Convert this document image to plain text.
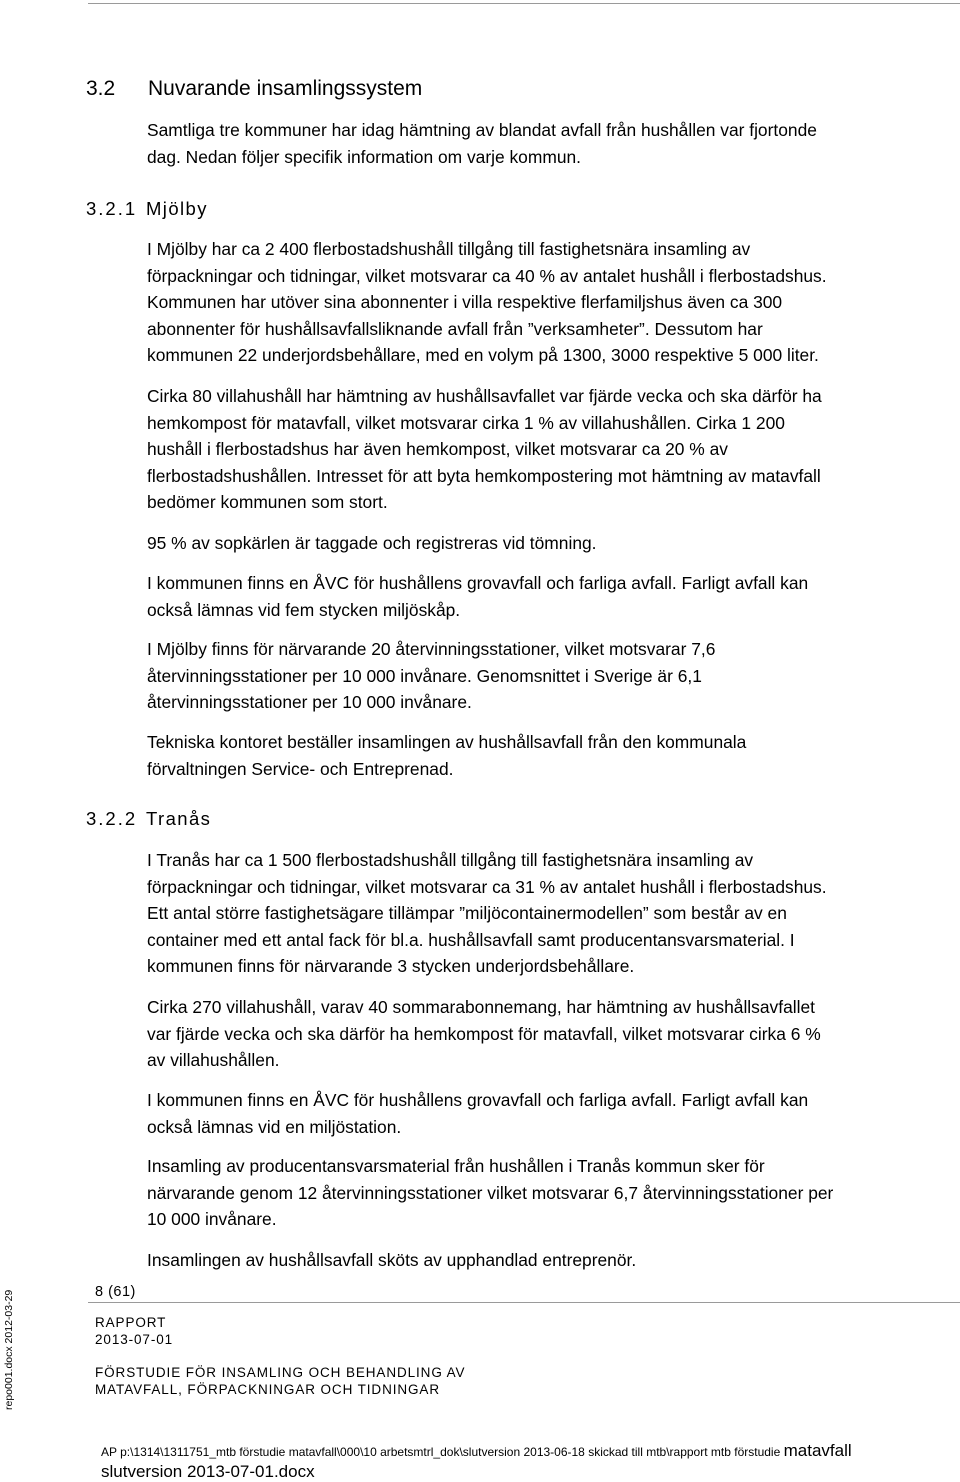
3.2 Nuvarande insamlingssystem
Samtliga tre kommuner har idag hämtning av blandat avfall från hushållen var fjortonde
dag. Nedan följer specifik information om varje kommun.
3.2.1 Mjölby
I Mjölby har ca 2 400 flerbostadshushåll tillgång till fastighetsnära insamling av
förpackningar och tidningar, vilket motsvarar ca 40 % av antalet hushåll i flerbostadshus.
Kommunen har utöver sina abonnenter i villa respektive flerfamiljshus även ca 300
abonnenter för hushållsavfallsliknande avfall från ”verksamheter”. Dessutom har
kommunen 22 underjordsbehållare, med en volym på 1300, 3000 respektive 5 000 liter.
Cirka 80 villahushåll har hämtning av hushållsavfallet var fjärde vecka och ska därför ha
hemkompost för matavfall, vilket motsvarar cirka 1 % av villahushållen. Cirka 1 200
hushåll i flerbostadshus har även hemkompost, vilket motsvarar ca 20 % av
flerbostadshushållen. Intresset för att byta hemkompostering mot hämtning av matavfall
bedömer kommunen som stort.
95 % av sopkärlen är taggade och registreras vid tömning.
I kommunen finns en ÅVC för hushållens grovavfall och farliga avfall. Farligt avfall kan
också lämnas vid fem stycken miljöskåp.
I Mjölby finns för närvarande 20 återvinningsstationer, vilket motsvarar 7,6
återvinningsstationer per 10 000 invånare. Genomsnittet i Sverige är 6,1
återvinningsstationer per 10 000 invånare.
Tekniska kontoret beställer insamlingen av hushållsavfall från den kommunala
förvaltningen Service- och Entreprenad.
3.2.2 Tranås
I Tranås har ca 1 500 flerbostadshushåll tillgång till fastighetsnära insamling av
förpackningar och tidningar, vilket motsvarar ca 31 % av antalet hushåll i flerbostadshus.
Ett antal större fastighetsägare tillämpar ”miljöcontainermodellen” som består av en
container med ett antal fack för bl.a. hushållsavfall samt producentansvarsmaterial. I
kommunen finns för närvarande 3 stycken underjordsbehållare.
Cirka 270 villahushåll, varav 40 sommarabonnemang, har hämtning av hushållsavfallet
var fjärde vecka och ska därför ha hemkompost för matavfall, vilket motsvarar cirka 6 %
av villahushållen.
I kommunen finns en ÅVC för hushållens grovavfall och farliga avfall. Farligt avfall kan
också lämnas vid en miljöstation.
Insamling av producentansvarsmaterial från hushållen i Tranås kommun sker för
närvarande genom 12 återvinningsstationer vilket motsvarar 6,7 återvinningsstationer per
10 000 invånare.
Insamlingen av hushållsavfall sköts av upphandlad entreprenör.
8 (61)
RAPPORT
2013-07-01
FÖRSTUDIE FÖR INSAMLING OCH BEHANDLING AV
MATAVFALL, FÖRPACKNINGAR OCH TIDNINGAR
repo001.docx 2012-03-29
AP p:\1314\1311751_mtb förstudie matavfall\000\10 arbetsmtrl_dok\slutversion 2013-06-18 skickad till mtb\rapport mtb förstudie matavfall
slutversion 2013-07-01.docx
